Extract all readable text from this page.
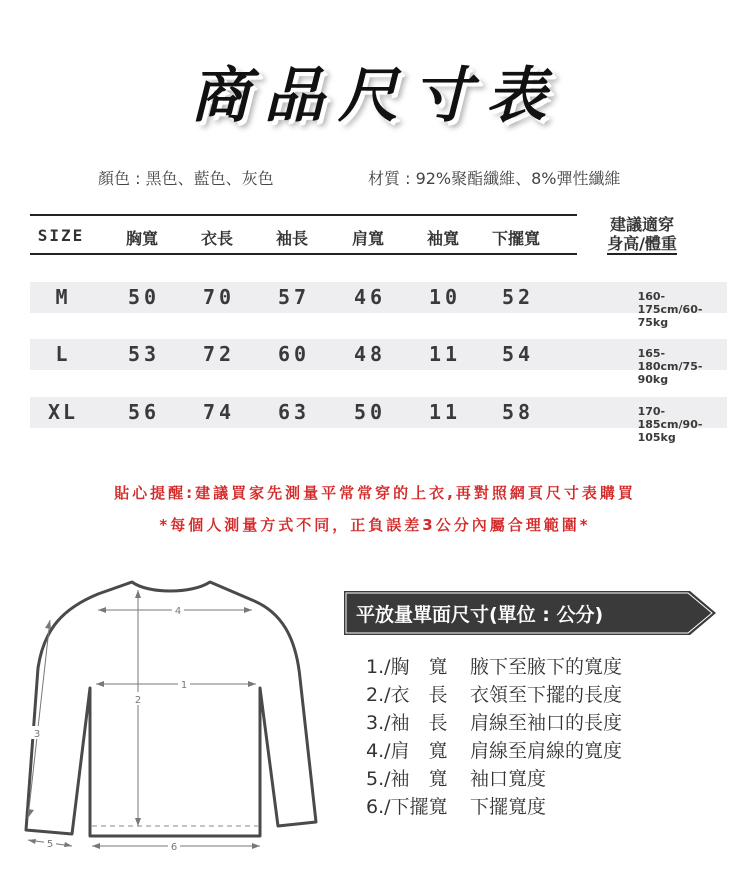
商品尺寸表
顏色 : 黑色、藍色、灰色	材質 : 92%聚酯纖維、8%彈性纖維
SIZE	胸寬	衣長	袖長	肩寬	袖寬 下擺寬
建議適穿
身高/體重
M	50 70 57 46 10 52	160-175cm/60-75kg
L	53 72 60 48 11 54	165-180cm/75-90kg
XL 56 74 63 50 11 58	170-185cm/90-105kg
貼心提醒:建議買家先測量平常常穿的上衣,再對照網頁尺寸表購買
*每個人測量方式不同，正負誤差3公分內屬合理範圍*
4
2
1
3
5	6
平放量單面尺寸(單位 : 公分)
1./胸　寬 腋下至腋下的寬度
2./衣　長 衣領至下擺的長度
3./袖　長 肩線至袖口的長度
4./肩　寬 肩線至肩線的寬度
5./袖　寬 袖口寬度
6./下擺寬 下擺寬度
